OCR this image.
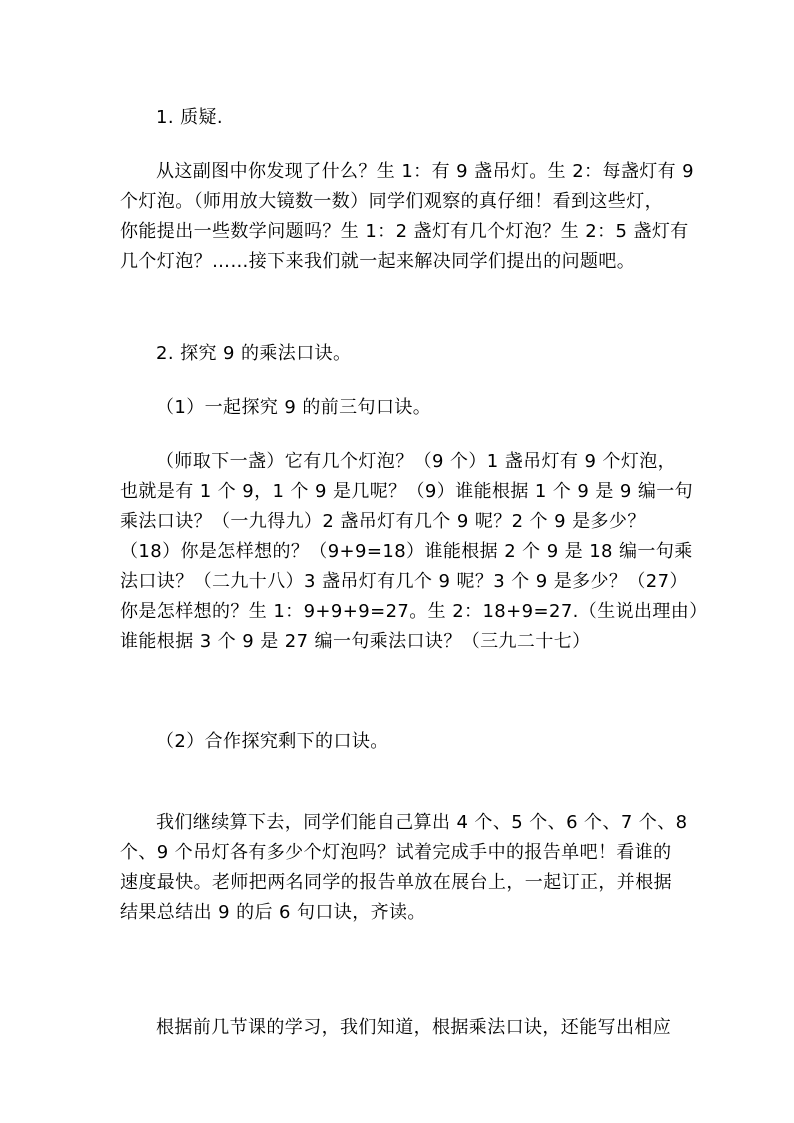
1. 质疑.
从这副图中你发现了什么？生 1：有 9 盏吊灯。生 2：每盏灯有 9
个灯泡。（师用放大镜数一数）同学们观察的真仔细！看到这些灯，
你能提出一些数学问题吗？生 1：2 盏灯有几个灯泡？生 2：5 盏灯有
几个灯泡？……接下来我们就一起来解决同学们提出的问题吧。
2. 探究 9 的乘法口诀。
（1）一起探究 9 的前三句口诀。
（师取下一盏）它有几个灯泡？（9 个）1 盏吊灯有 9 个灯泡，
也就是有 1 个 9，1 个 9 是几呢？（9）谁能根据 1 个 9 是 9 编一句
乘法口诀？（一九得九）2 盏吊灯有几个 9 呢？2 个 9 是多少？
（18）你是怎样想的？（9+9=18）谁能根据 2 个 9 是 18 编一句乘
法口诀？（二九十八）3 盏吊灯有几个 9 呢？3 个 9 是多少？（27）
你是怎样想的？生 1：9+9+9=27。生 2：18+9=27.（生说出理由）
谁能根据 3 个 9 是 27 编一句乘法口诀？（三九二十七）
（2）合作探究剩下的口诀。
我们继续算下去，同学们能自己算出 4 个、5 个、6 个、7 个、8
个、9 个吊灯各有多少个灯泡吗？试着完成手中的报告单吧！看谁的
速度最快。老师把两名同学的报告单放在展台上，一起订正，并根据
结果总结出 9 的后 6 句口诀，齐读。
根据前几节课的学习，我们知道，根据乘法口诀，还能写出相应
